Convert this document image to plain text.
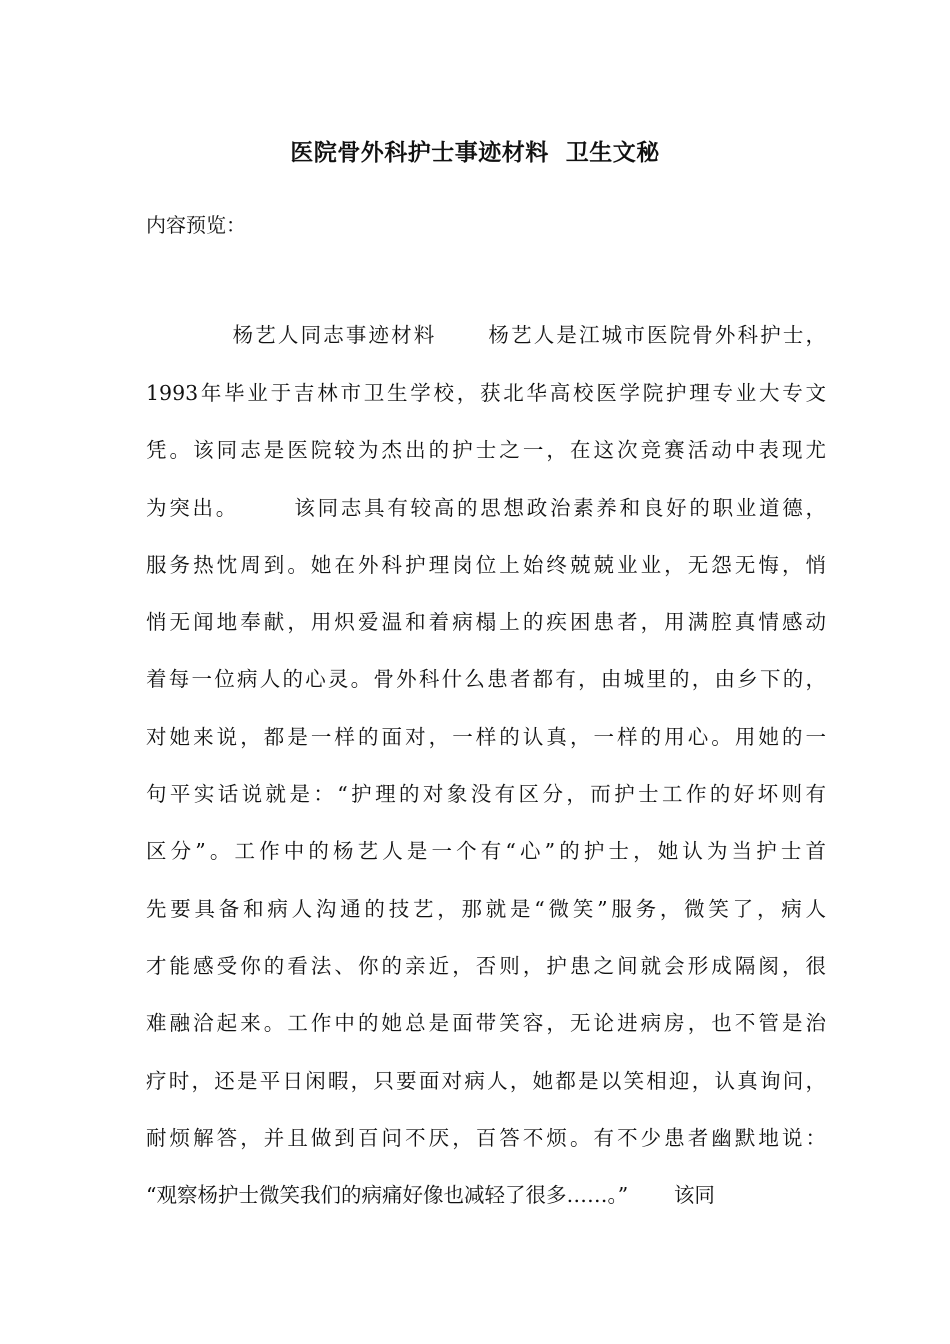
医院骨外科护士事迹材料  卫生文秘
内容预览：
杨艺人同志事迹材料      杨艺人是江城市医院骨外科护士，
1993年毕业于吉林市卫生学校，获北华高校医学院护理专业大专文
凭。该同志是医院较为杰出的护士之一，在这次竞赛活动中表现尤
为突出。      该同志具有较高的思想政治素养和良好的职业道德，
服务热忱周到。她在外科护理岗位上始终兢兢业业，无怨无悔，悄
悄无闻地奉献，用炽爱温和着病榻上的疾困患者，用满腔真情感动
着每一位病人的心灵。骨外科什么患者都有，由城里的，由乡下的，
对她来说，都是一样的面对，一样的认真，一样的用心。用她的一
句平实话说就是：“护理的对象没有区分，而护士工作的好坏则有
区分”。工作中的杨艺人是一个有“心”的护士，她认为当护士首
先要具备和病人沟通的技艺，那就是“微笑”服务，微笑了，病人
才能感受你的看法、你的亲近，否则，护患之间就会形成隔阂，很
难融洽起来。工作中的她总是面带笑容，无论进病房，也不管是治
疗时，还是平日闲暇，只要面对病人，她都是以笑相迎，认真询问，
耐烦解答，并且做到百问不厌，百答不烦。有不少患者幽默地说：
“观察杨护士微笑我们的病痛好像也减轻了很多……。”       该同
